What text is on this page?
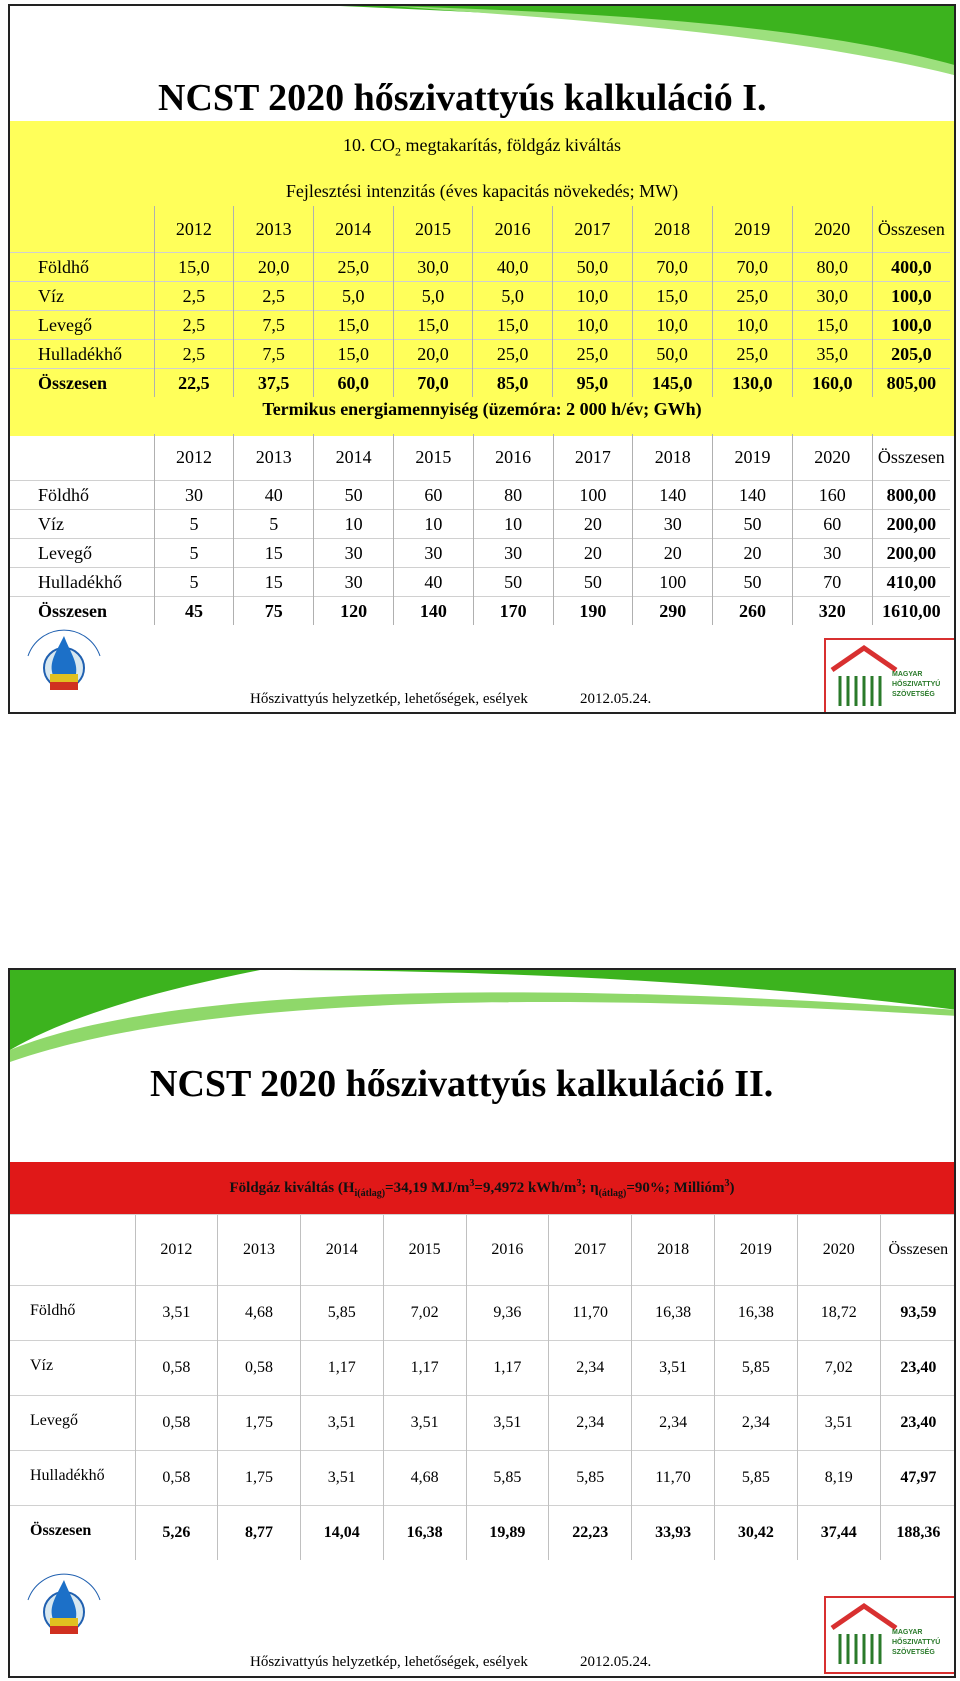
NCST 2020 hőszivattyús kalkuláció I.
10. $CO_2$ megtakarítás, földgáz kiváltás
Fejlesztési intenzitás (éves kapacitás növekedés; MW)
Termikus energiamennyiség (üzemóra: 2 000 h/év; GWh)
	2012	2013	2014	2015	2016	2017	2018	2019	2020	Összesen
Földhő	15,0	20,0	25,0	30,0	40,0	50,0	70,0	70,0	80,0	400,0
Víz	2,5	2,5	5,0	5,0	5,0	10,0	15,0	25,0	30,0	100,0
Levegő	2,5	7,5	15,0	15,0	15,0	10,0	10,0	10,0	15,0	100,0
Hulladékhő	2,5	7,5	15,0	20,0	25,0	25,0	50,0	25,0	35,0	205,0
Összesen	22,5	37,5	60,0	70,0	85,0	95,0	145,0	130,0	160,0	805,00
	2012	2013	2014	2015	2016	2017	2018	2019	2020	Összesen
Földhő	30	40	50	60	80	100	140	140	160	800,00
Víz	5	5	10	10	10	20	30	50	60	200,00
Levegő	5	15	30	30	30	20	20	20	30	200,00
Hulladékhő	5	15	30	40	50	50	100	50	70	410,00
Összesen	45	75	120	140	170	190	290	260	320	1610,00
Hőszivattyús helyzetkép, lehetőségek, esélyek	2012.05.24.
MAGYAR
HŐSZIVATTYÚ
SZÖVETSÉG
NCST 2020 hőszivattyús kalkuláció II.
Földgáz kiváltás ($H_{i(átlag)}=34,19$ $MJ/m^3=9,4972$ kWh/$m^3$; $\eta_{(átlag)}=90\%$; Millióm$^3$)
	2012	2013	2014	2015	2016	2017	2018	2019	2020	Összesen
Földhő	3,51	4,68	5,85	7,02	9,36	11,70	16,38	16,38	18,72	93,59
Víz	0,58	0,58	1,17	1,17	1,17	2,34	3,51	5,85	7,02	23,40
Levegő	0,58	1,75	3,51	3,51	3,51	2,34	2,34	2,34	3,51	23,40
Hulladékhő	0,58	1,75	3,51	4,68	5,85	5,85	11,70	5,85	8,19	47,97
Összesen	5,26	8,77	14,04	16,38	19,89	22,23	33,93	30,42	37,44	188,36
Hőszivattyús helyzetkép, lehetőségek, esélyek	2012.05.24.
MAGYAR
HŐSZIVATTYÚ
SZÖVETSÉG
